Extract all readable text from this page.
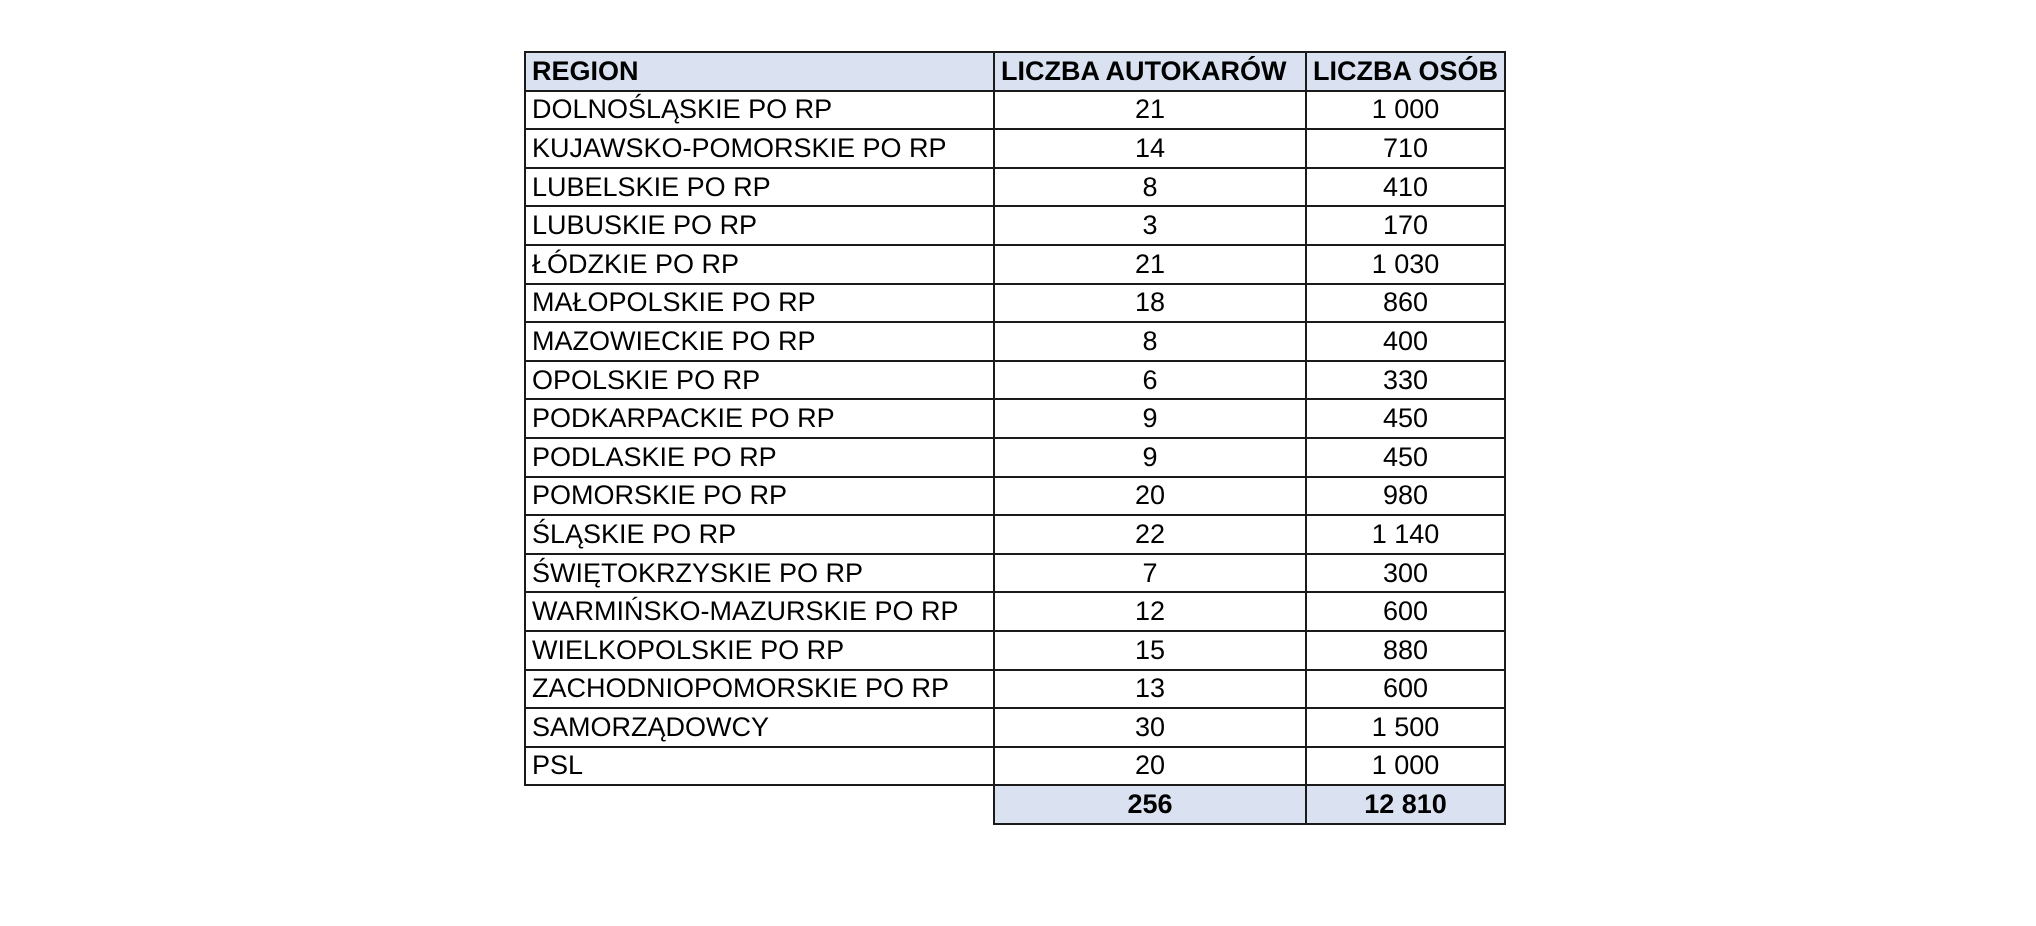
REGION	LICZBA AUTOKARÓW	LICZBA OSÓB
DOLNOŚLĄSKIE PO RP	21	1 000
KUJAWSKO-POMORSKIE PO RP	14	710
LUBELSKIE PO RP	8	410
LUBUSKIE PO RP	3	170
ŁÓDZKIE PO RP	21	1 030
MAŁOPOLSKIE PO RP	18	860
MAZOWIECKIE PO RP	8	400
OPOLSKIE PO RP	6	330
PODKARPACKIE PO RP	9	450
PODLASKIE PO RP	9	450
POMORSKIE PO RP	20	980
ŚLĄSKIE PO RP	22	1 140
ŚWIĘTOKRZYSKIE PO RP	7	300
WARMIŃSKO-MAZURSKIE PO RP	12	600
WIELKOPOLSKIE PO RP	15	880
ZACHODNIOPOMORSKIE PO RP	13	600
SAMORZĄDOWCY	30	1 500
PSL	20	1 000
	256	12 810
